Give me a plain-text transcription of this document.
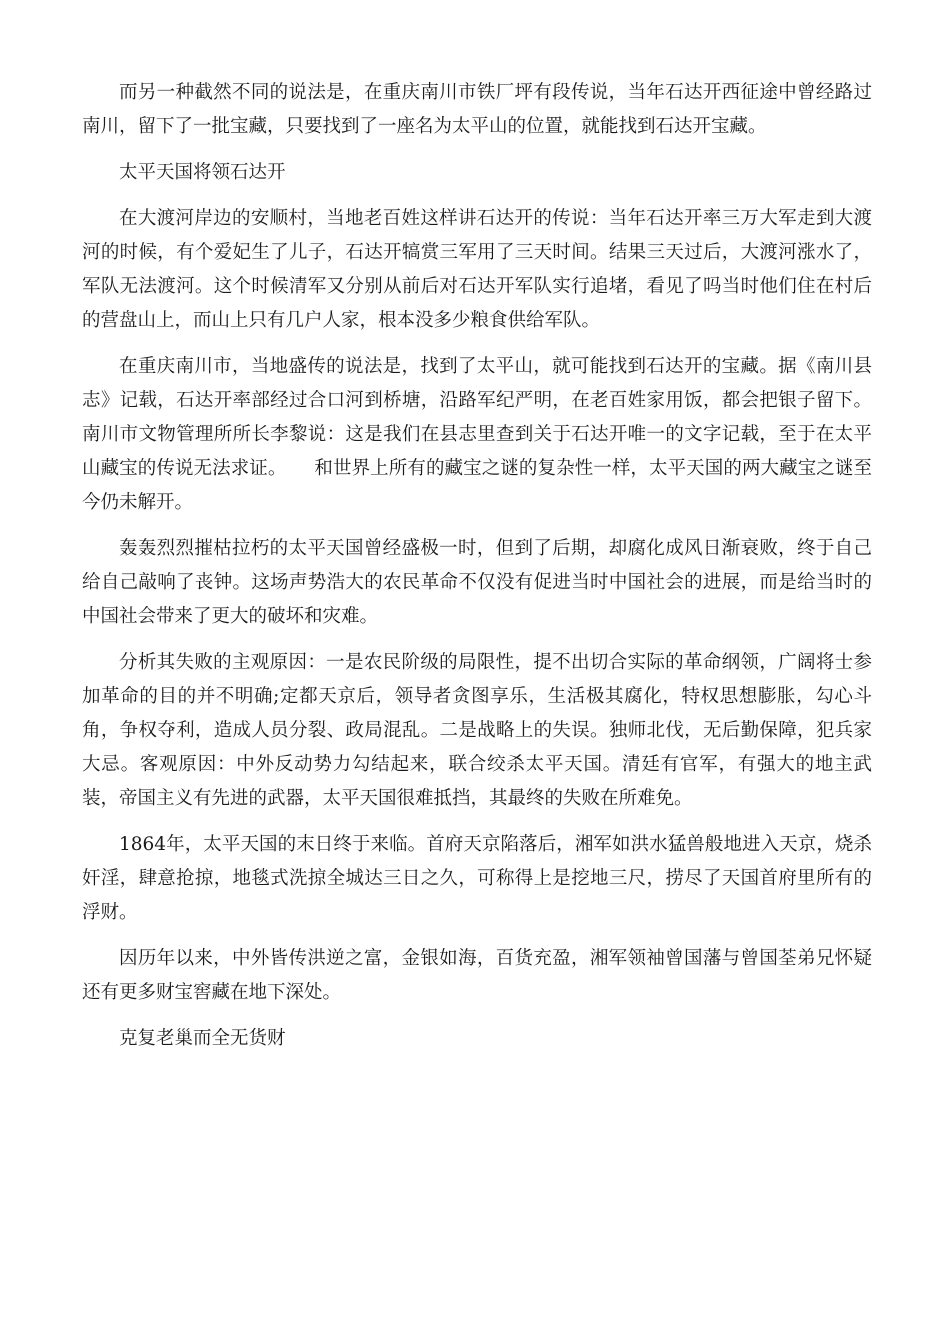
而另一种截然不同的说法是，在重庆南川市铁厂坪有段传说，当年石达开西征途中曾经路过南川，留下了一批宝藏，只要找到了一座名为太平山的位置，就能找到石达开宝藏。

太平天国将领石达开

在大渡河岸边的安顺村，当地老百姓这样讲石达开的传说：当年石达开率三万大军走到大渡河的时候，有个爱妃生了儿子，石达开犒赏三军用了三天时间。结果三天过后，大渡河涨水了，军队无法渡河。这个时候清军又分别从前后对石达开军队实行追堵，看见了吗当时他们住在村后的营盘山上，而山上只有几户人家，根本没多少粮食供给军队。

在重庆南川市，当地盛传的说法是，找到了太平山，就可能找到石达开的宝藏。据《南川县志》记载，石达开率部经过合口河到桥塘，沿路军纪严明，在老百姓家用饭，都会把银子留下。南川市文物管理所所长李黎说：这是我们在县志里查到关于石达开唯一的文字记载，至于在太平山藏宝的传说无法求证。　　和世界上所有的藏宝之谜的复杂性一样，太平天国的两大藏宝之谜至今仍未解开。

轰轰烈烈摧枯拉朽的太平天国曾经盛极一时，但到了后期，却腐化成风日渐衰败，终于自己给自己敲响了丧钟。这场声势浩大的农民革命不仅没有促进当时中国社会的进展，而是给当时的中国社会带来了更大的破坏和灾难。

分析其失败的主观原因：一是农民阶级的局限性，提不出切合实际的革命纲领，广阔将士参加革命的目的并不明确;定都天京后，领导者贪图享乐，生活极其腐化，特权思想膨胀，勾心斗角，争权夺利，造成人员分裂、政局混乱。二是战略上的失误。独师北伐，无后勤保障，犯兵家大忌。客观原因：中外反动势力勾结起来，联合绞杀太平天国。清廷有官军，有强大的地主武装，帝国主义有先进的武器，太平天国很难抵挡，其最终的失败在所难免。

1864年，太平天国的末日终于来临。首府天京陷落后，湘军如洪水猛兽般地进入天京，烧杀奸淫，肆意抢掠，地毯式洗掠全城达三日之久，可称得上是挖地三尺，捞尽了天国首府里所有的浮财。

因历年以来，中外皆传洪逆之富，金银如海，百货充盈，湘军领袖曾国藩与曾国荃弟兄怀疑还有更多财宝窖藏在地下深处。

克复老巢而全无货财
